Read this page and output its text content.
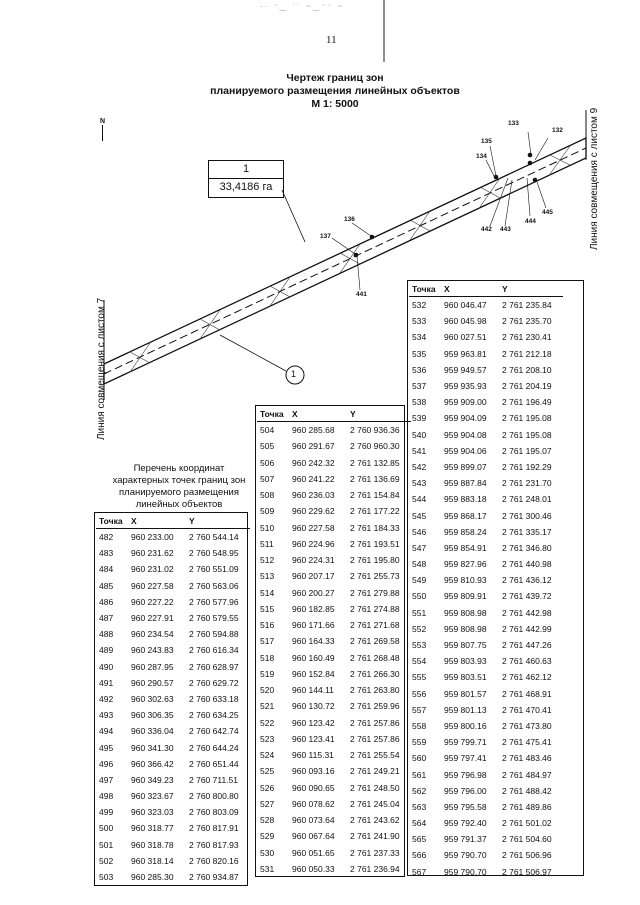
·· ⁻‿ ˙˙ ~‿⁻⁻ ~
11
Чертеж границ зон
планируемого размещения линейных объектов
М 1: 5000
N	133
132
135
134
136
137
441
442 443
444
445
1
1
33,4186 га
Линия совмещения с листом 7
Линия совмещения с листом 9
Перечень координат
характерных точек границ зон
планируемого размещения
линейных объектов
Точка	X	Y
482	960 233.00	2 760 544.14
483	960 231.62	2 760 548.95
484	960 231.02	2 760 551.09
485	960 227.58	2 760 563.06
486	960 227.22	2 760 577.96
487	960 227.91	2 760 579.55
488	960 234.54	2 760 594.88
489	960 243.83	2 760 616.34
490	960 287.95	2 760 628.97
491	960 290.57	2 760 629.72
492	960 302.63	2 760 633.18
493	960 306.35	2 760 634.25
494	960 336.04	2 760 642.74
495	960 341.30	2 760 644.24
496	960 366.42	2 760 651.44
497	960 349.23	2 760 711.51
498	960 323.67	2 760 800.80
499	960 323.03	2 760 803.09
500	960 318.77	2 760 817.91
501	960 318.78	2 760 817.93
502	960 318.14	2 760 820.16
503	960 285.30	2 760 934.87
Точка	X	Y
504	960 285.68	2 760 936.36
505	960 291.67	2 760 960.30
506	960 242.32	2 761 132.85
507	960 241.22	2 761 136.69
508	960 236.03	2 761 154.84
509	960 229.62	2 761 177.22
510	960 227.58	2 761 184.33
511	960 224.96	2 761 193.51
512	960 224.31	2 761 195.80
513	960 207.17	2 761 255.73
514	960 200.27	2 761 279.88
515	960 182.85	2 761 274.88
516	960 171.66	2 761 271.68
517	960 164.33	2 761 269.58
518	960 160.49	2 761 268.48
519	960 152.84	2 761 266.30
520	960 144.11	2 761 263.80
521	960 130.72	2 761 259.96
522	960 123.42	2 761 257.86
523	960 123.41	2 761 257.86
524	960 115.31	2 761 255.54
525	960 093.16	2 761 249.21
526	960 090.65	2 761 248.50
527	960 078.62	2 761 245.04
528	960 073.64	2 761 243.62
529	960 067.64	2 761 241.90
530	960 051.65	2 761 237.33
531	960 050.33	2 761 236.94
Точка	X	Y
532	960 046.47	2 761 235.84
533	960 045.98	2 761 235.70
534	960 027.51	2 761 230.41
535	959 963.81	2 761 212.18
536	959 949.57	2 761 208.10
537	959 935.93	2 761 204.19
538	959 909.00	2 761 196.49
539	959 904.09	2 761 195.08
540	959 904.08	2 761 195.08
541	959 904.06	2 761 195.07
542	959 899.07	2 761 192.29
543	959 887.84	2 761 231.70
544	959 883.18	2 761 248.01
545	959 868.17	2 761 300.46
546	959 858.24	2 761 335.17
547	959 854.91	2 761 346.80
548	959 827.96	2 761 440.98
549	959 810.93	2 761 436.12
550	959 809.91	2 761 439.72
551	959 808.98	2 761 442.98
552	959 808.98	2 761 442.99
553	959 807.75	2 761 447.26
554	959 803.93	2 761 460.63
555	959 803.51	2 761 462.12
556	959 801.57	2 761 468.91
557	959 801.13	2 761 470.41
558	959 800.16	2 761 473.80
559	959 799.71	2 761 475.41
560	959 797.41	2 761 483.46
561	959 796.98	2 761 484.97
562	959 796.00	2 761 488.42
563	959 795.58	2 761 489.86
564	959 792.40	2 761 501.02
565	959 791.37	2 761 504.60
566	959 790.70	2 761 506.96
567	959 790.70	2 761 506.97
